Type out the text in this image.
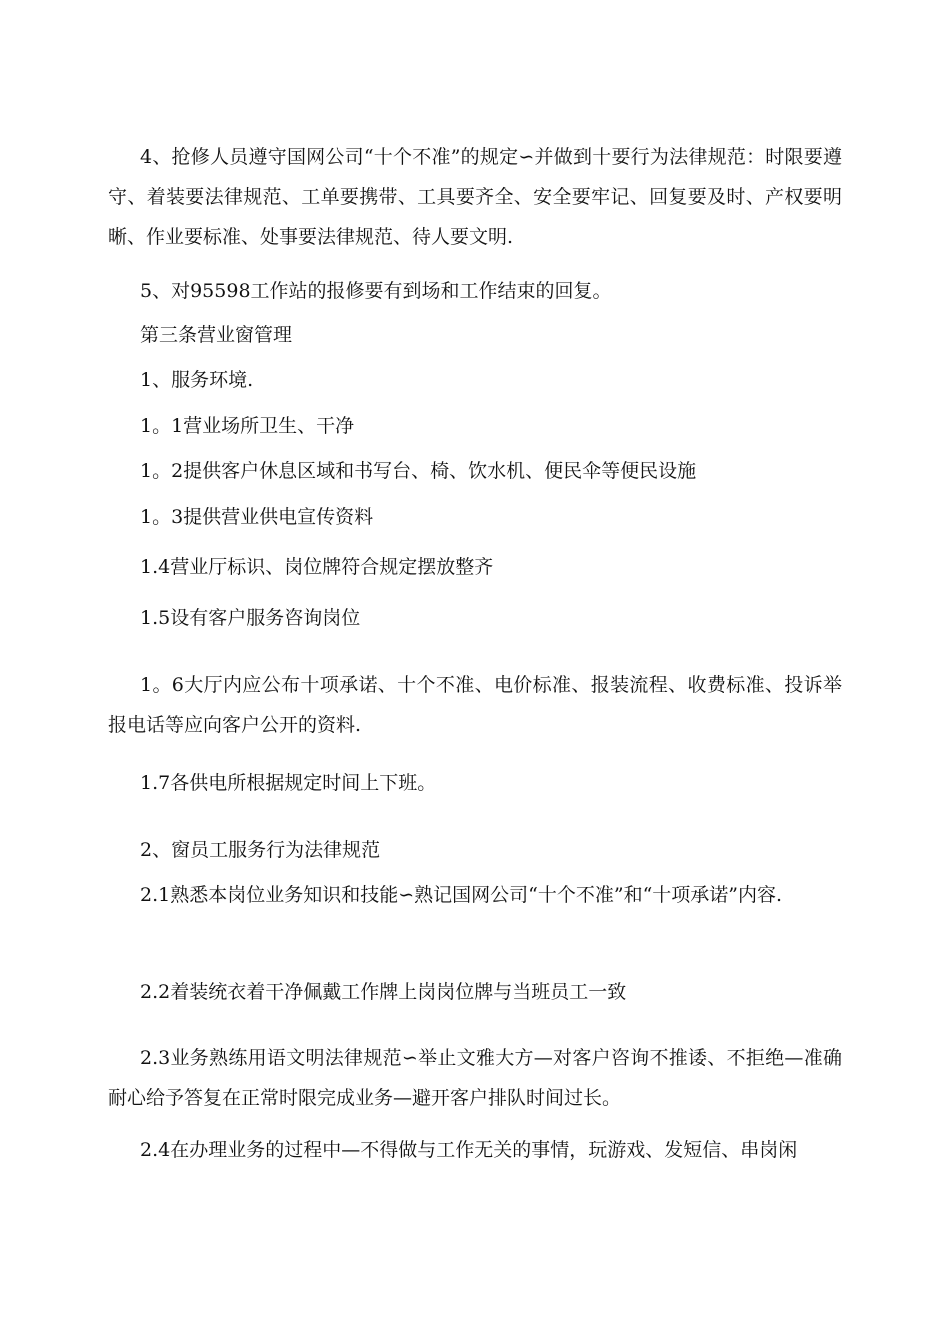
4、抢修人员遵守国网公司“十个不准”的规定∽并做到十要行为法律规范：时限要遵守、着装要法律规范、工单要携带、工具要齐全、安全要牢记、回复要及时、产权要明晰、作业要标准、处事要法律规范、待人要文明.

5、对95598工作站的报修要有到场和工作结束的回复。

第三条营业窗管理

1、服务环境.

1。1营业场所卫生、干净

1。2提供客户休息区域和书写台、椅、饮水机、便民伞等便民设施

1。3提供营业供电宣传资料

1.4营业厅标识、岗位牌符合规定摆放整齐

1.5设有客户服务咨询岗位

1。6大厅内应公布十项承诺、十个不准、电价标准、报装流程、收费标准、投诉举报电话等应向客户公开的资料.

1.7各供电所根据规定时间上下班。

2、窗员工服务行为法律规范

2.1熟悉本岗位业务知识和技能∽熟记国网公司“十个不准”和“十项承诺”内容.

2.2着装统衣着干净佩戴工作牌上岗岗位牌与当班员工一致

2.3业务熟练用语文明法律规范∽举止文雅大方—对客户咨询不推诿、不拒绝—准确耐心给予答复在正常时限完成业务—避开客户排队时间过长。

2.4在办理业务的过程中—不得做与工作无关的事情，玩游戏、发短信、串岗闲
